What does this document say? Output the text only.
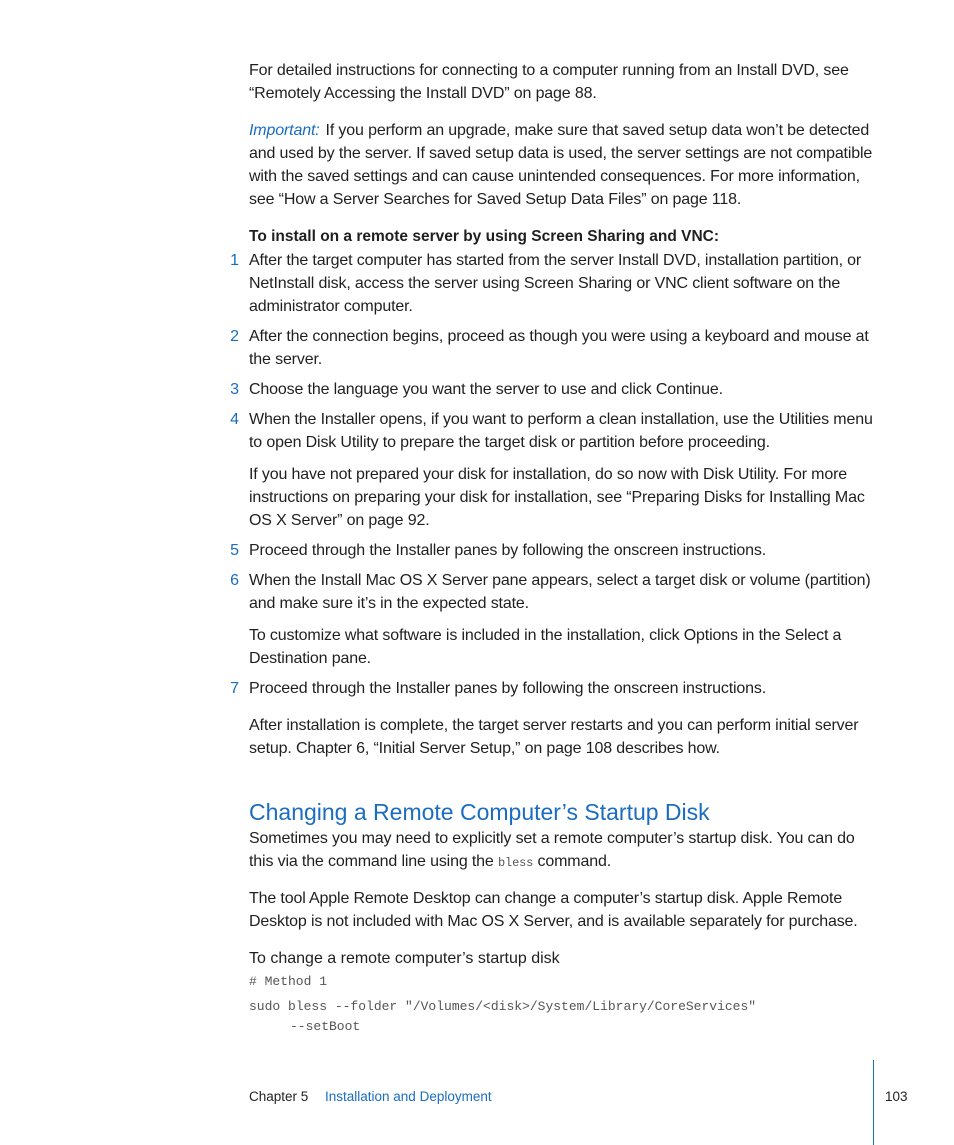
For detailed instructions for connecting to a computer running from an Install DVD, see “Remotely Accessing the Install DVD” on page 88.

Important: If you perform an upgrade, make sure that saved setup data won’t be detected and used by the server. If saved setup data is used, the server settings are not compatible with the saved settings and can cause unintended consequences. For more information, see “How a Server Searches for Saved Setup Data Files” on page 118.

To install on a remote server by using Screen Sharing and VNC:

1 After the target computer has started from the server Install DVD, installation partition, or NetInstall disk, access the server using Screen Sharing or VNC client software on the administrator computer.

2 After the connection begins, proceed as though you were using a keyboard and mouse at the server.

3 Choose the language you want the server to use and click Continue.

4 When the Installer opens, if you want to perform a clean installation, use the Utilities menu to open Disk Utility to prepare the target disk or partition before proceeding.

If you have not prepared your disk for installation, do so now with Disk Utility. For more instructions on preparing your disk for installation, see “Preparing Disks for Installing Mac OS X Server” on page 92.

5 Proceed through the Installer panes by following the onscreen instructions.

6 When the Install Mac OS X Server pane appears, select a target disk or volume (partition) and make sure it’s in the expected state.

To customize what software is included in the installation, click Options in the Select a Destination pane.

7 Proceed through the Installer panes by following the onscreen instructions.

After installation is complete, the target server restarts and you can perform initial server setup. Chapter 6, “Initial Server Setup,” on page 108 describes how.

Changing a Remote Computer’s Startup Disk

Sometimes you may need to explicitly set a remote computer’s startup disk. You can do this via the command line using the bless command.

The tool Apple Remote Desktop can change a computer’s startup disk. Apple Remote Desktop is not included with Mac OS X Server, and is available separately for purchase.

To change a remote computer’s startup disk

# Method 1
sudo bless --folder "/Volumes/<disk>/System/Library/CoreServices"
--setBoot
Chapter 5 Installation and Deployment	103
